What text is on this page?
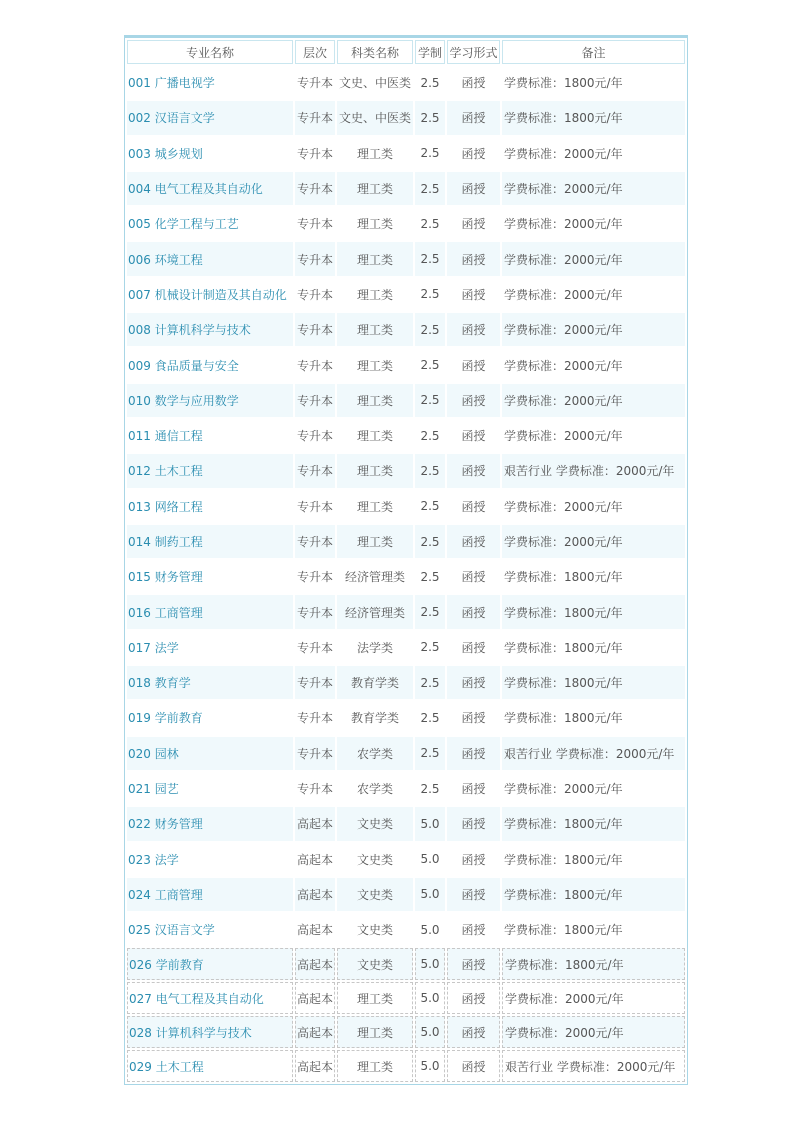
专业名称	层次	科类名称	学制	学习形式	备注
001 广播电视学	专升本	文史、中医类	2.5	函授	学费标准：1800元/年
002 汉语言文学	专升本	文史、中医类	2.5	函授	学费标准：1800元/年
003 城乡规划	专升本	理工类	2.5	函授	学费标准：2000元/年
004 电气工程及其自动化	专升本	理工类	2.5	函授	学费标准：2000元/年
005 化学工程与工艺	专升本	理工类	2.5	函授	学费标准：2000元/年
006 环境工程	专升本	理工类	2.5	函授	学费标准：2000元/年
007 机械设计制造及其自动化	专升本	理工类	2.5	函授	学费标准：2000元/年
008 计算机科学与技术	专升本	理工类	2.5	函授	学费标准：2000元/年
009 食品质量与安全	专升本	理工类	2.5	函授	学费标准：2000元/年
010 数学与应用数学	专升本	理工类	2.5	函授	学费标准：2000元/年
011 通信工程	专升本	理工类	2.5	函授	学费标准：2000元/年
012 土木工程	专升本	理工类	2.5	函授	艰苦行业 学费标准：2000元/年
013 网络工程	专升本	理工类	2.5	函授	学费标准：2000元/年
014 制药工程	专升本	理工类	2.5	函授	学费标准：2000元/年
015 财务管理	专升本	经济管理类	2.5	函授	学费标准：1800元/年
016 工商管理	专升本	经济管理类	2.5	函授	学费标准：1800元/年
017 法学	专升本	法学类	2.5	函授	学费标准：1800元/年
018 教育学	专升本	教育学类	2.5	函授	学费标准：1800元/年
019 学前教育	专升本	教育学类	2.5	函授	学费标准：1800元/年
020 园林	专升本	农学类	2.5	函授	艰苦行业 学费标准：2000元/年
021 园艺	专升本	农学类	2.5	函授	学费标准：2000元/年
022 财务管理	高起本	文史类	5.0	函授	学费标准：1800元/年
023 法学	高起本	文史类	5.0	函授	学费标准：1800元/年
024 工商管理	高起本	文史类	5.0	函授	学费标准：1800元/年
025 汉语言文学	高起本	文史类	5.0	函授	学费标准：1800元/年
026 学前教育	高起本	文史类	5.0	函授	学费标准：1800元/年
027 电气工程及其自动化	高起本	理工类	5.0	函授	学费标准：2000元/年
028 计算机科学与技术	高起本	理工类	5.0	函授	学费标准：2000元/年
029 土木工程	高起本	理工类	5.0	函授	艰苦行业 学费标准：2000元/年
